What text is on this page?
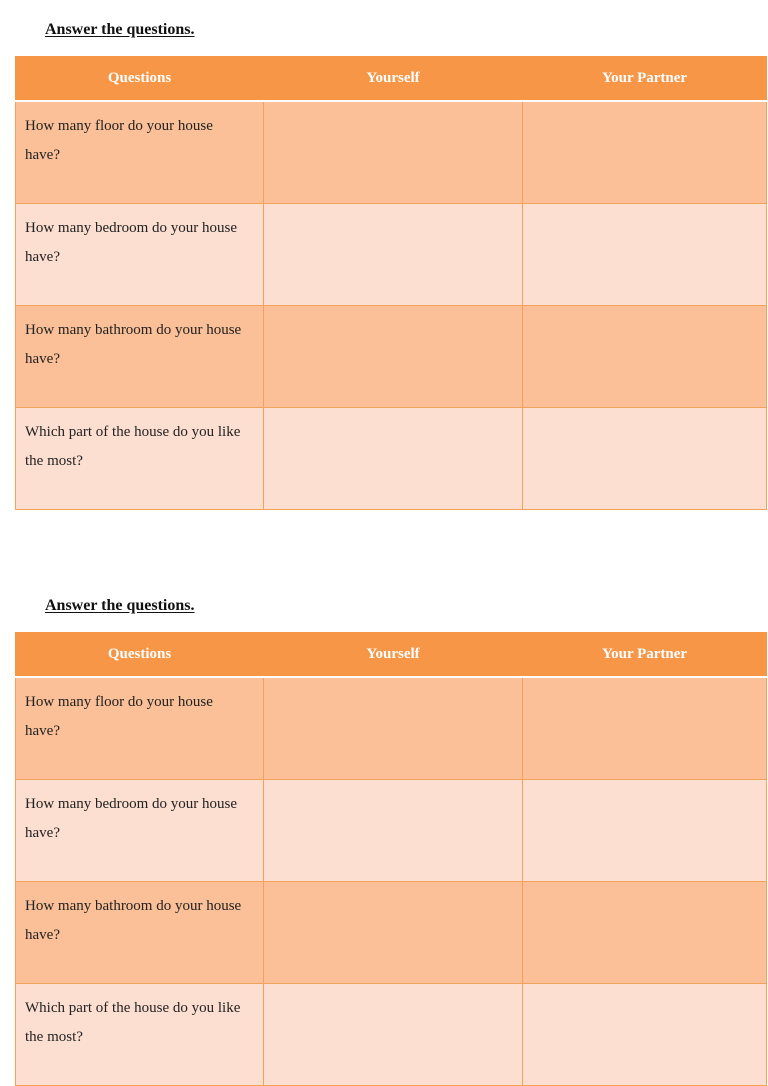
Answer the questions.
Questions	Yourself	Your Partner

How many floor do your house have?		

How many bedroom do your house have?		

How many bathroom do your house have?		

Which part of the house do you like the most?		

Answer the questions.
Questions	Yourself	Your Partner

How many floor do your house have?		

How many bedroom do your house have?		

How many bathroom do your house have?		

Which part of the house do you like the most?		
